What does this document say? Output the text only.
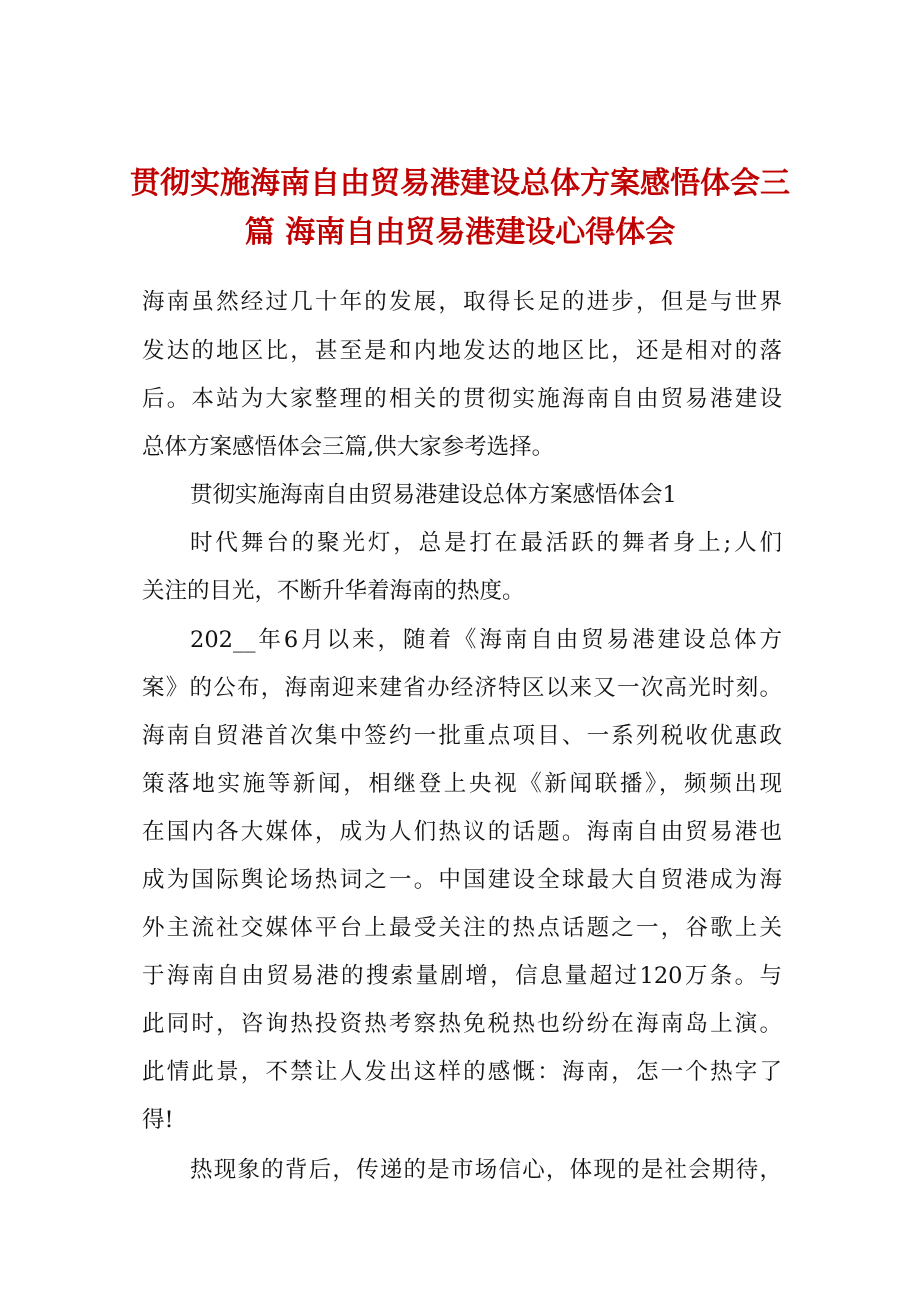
贯彻实施海南自由贸易港建设总体方案感悟体会三
篇 海南自由贸易港建设心得体会
海南虽然经过几十年的发展，取得长足的进步，但是与世界
发达的地区比，甚至是和内地发达的地区比，还是相对的落
后。本站为大家整理的相关的贯彻实施海南自由贸易港建设
总体方案感悟体会三篇,供大家参考选择。
贯彻实施海南自由贸易港建设总体方案感悟体会1
时代舞台的聚光灯，总是打在最活跃的舞者身上;人们
关注的目光，不断升华着海南的热度。
202__年6月以来，随着《海南自由贸易港建设总体方
案》的公布，海南迎来建省办经济特区以来又一次高光时刻。
海南自贸港首次集中签约一批重点项目、一系列税收优惠政
策落地实施等新闻，相继登上央视《新闻联播》，频频出现
在国内各大媒体，成为人们热议的话题。海南自由贸易港也
成为国际舆论场热词之一。中国建设全球最大自贸港成为海
外主流社交媒体平台上最受关注的热点话题之一，谷歌上关
于海南自由贸易港的搜索量剧增，信息量超过120万条。与
此同时，咨询热投资热考察热免税热也纷纷在海南岛上演。
此情此景，不禁让人发出这样的感慨：海南，怎一个热字了
得!
热现象的背后，传递的是市场信心，体现的是社会期待，
